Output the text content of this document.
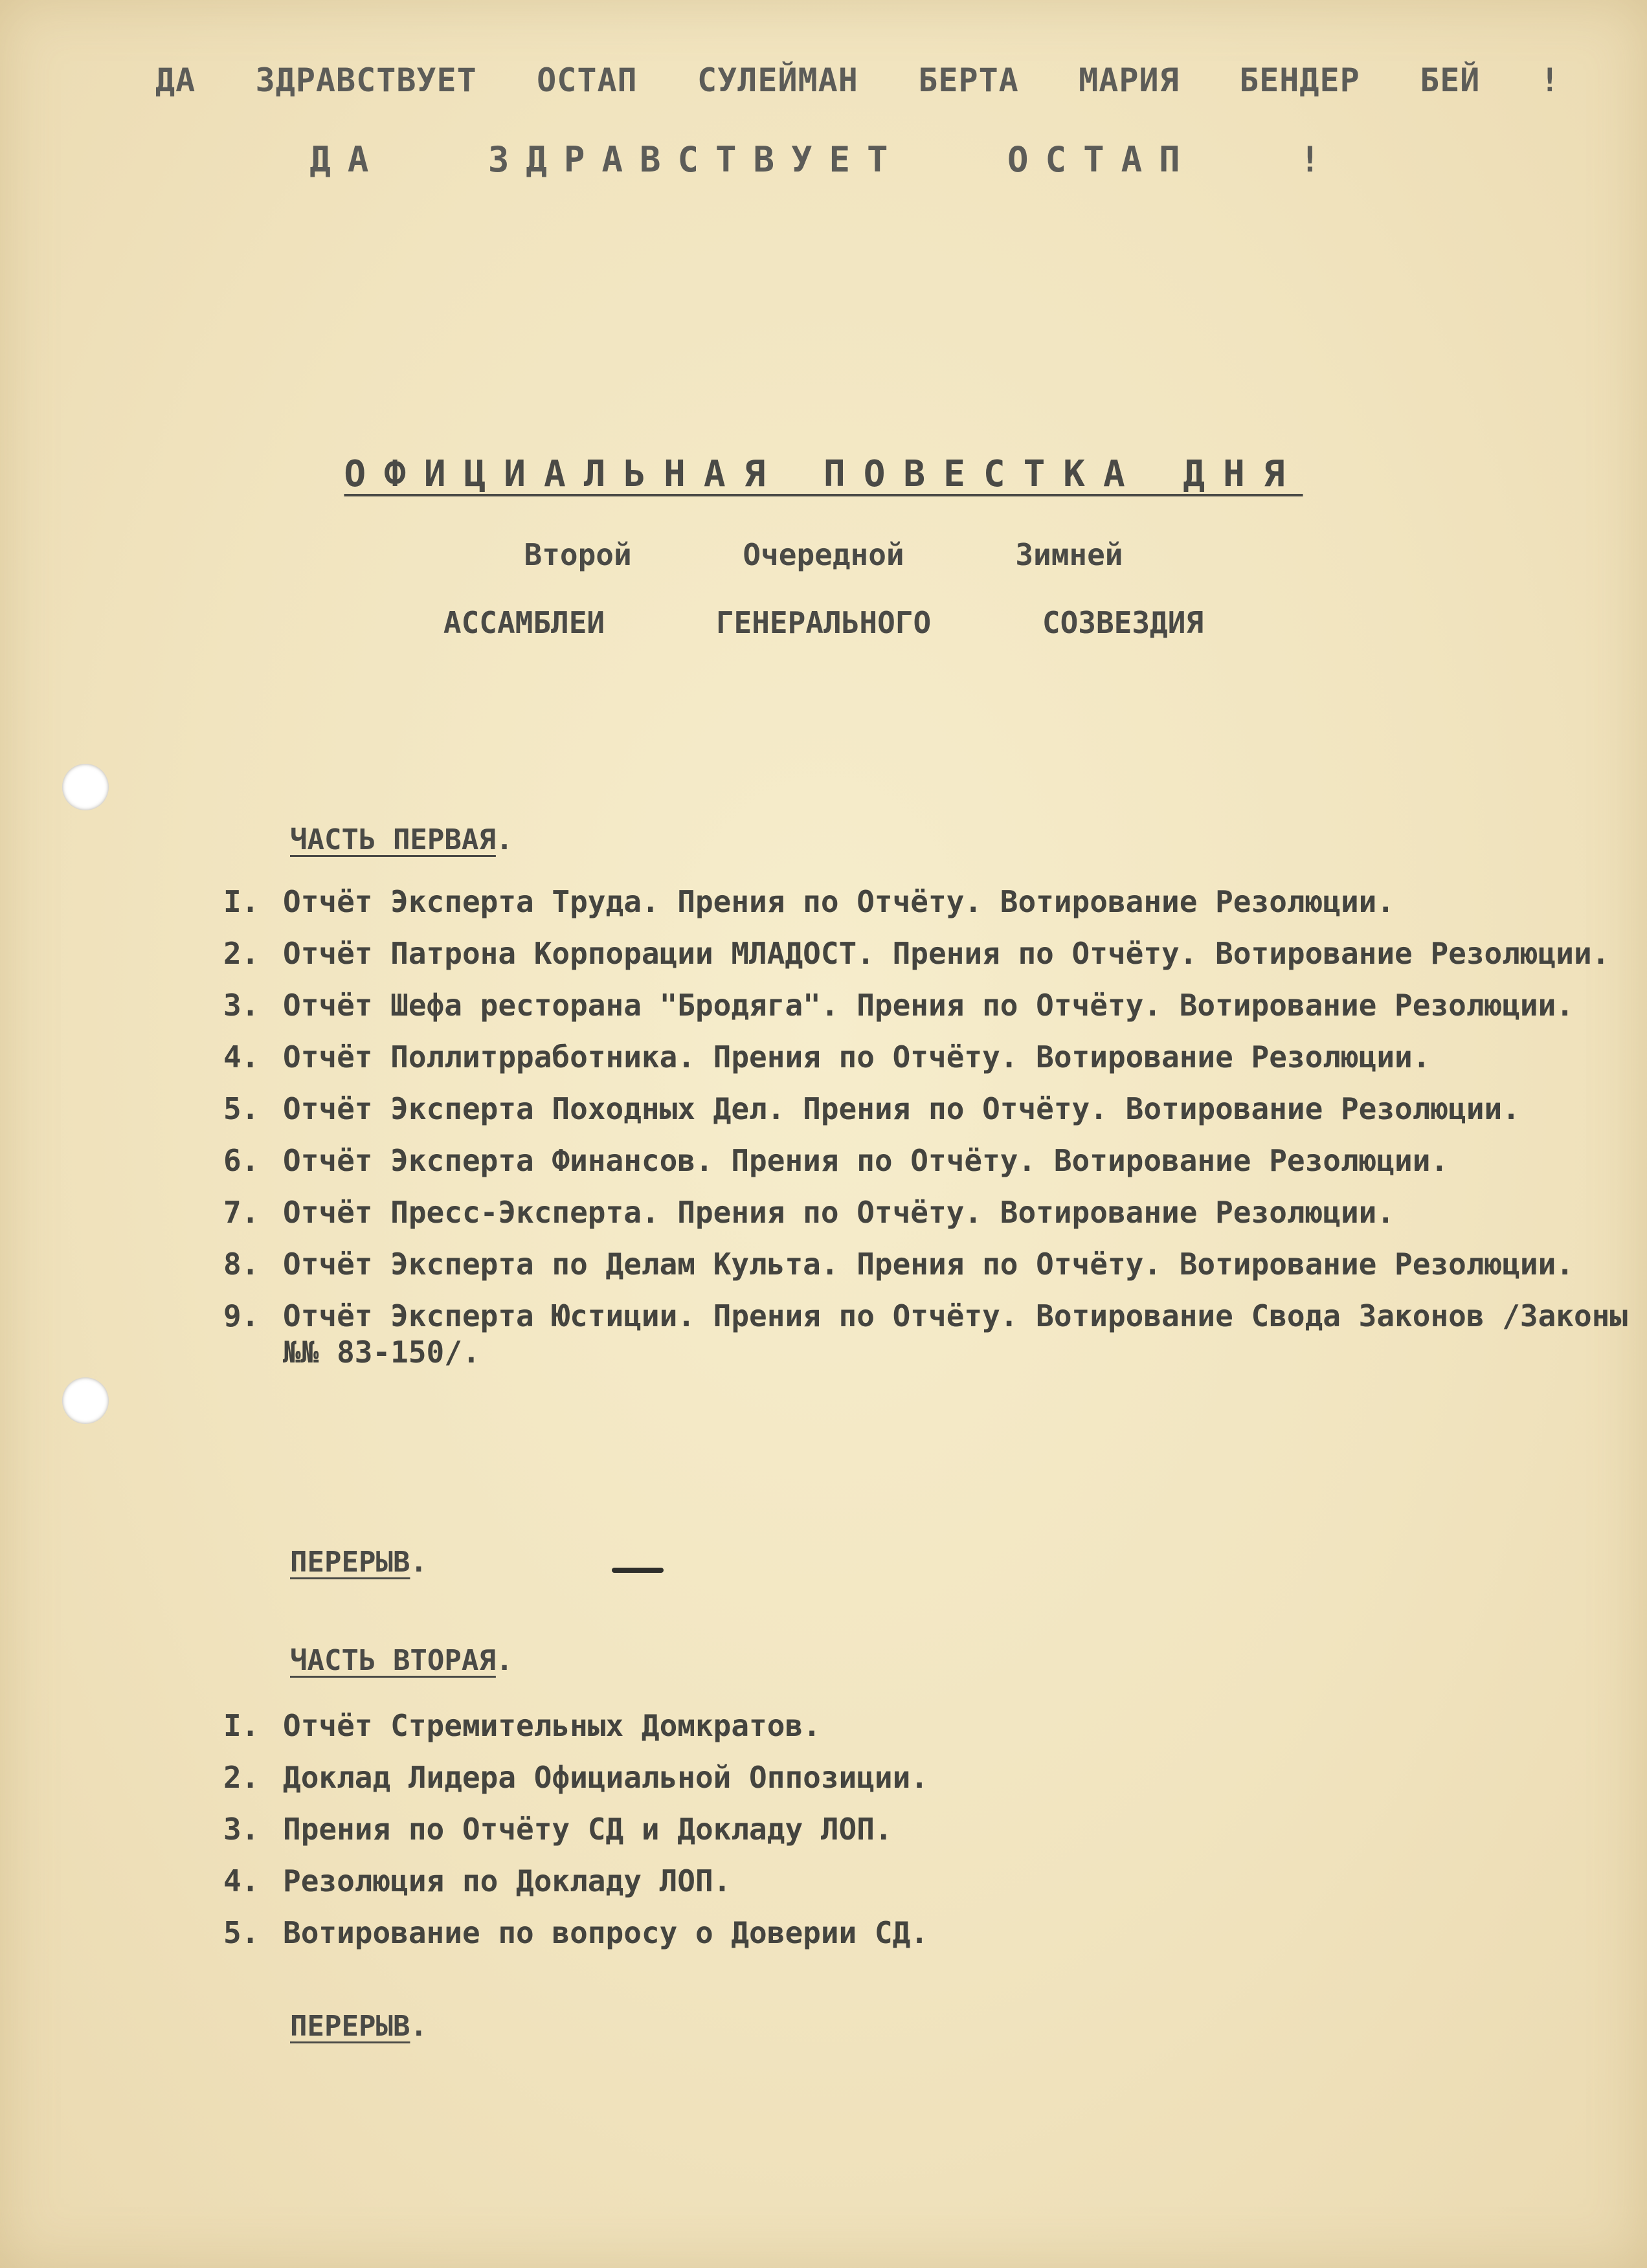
ДА ЗДРАВСТВУЕТ ОСТАП СУЛЕЙМАН БЕРТА МАРИЯ БЕНДЕР БЕЙ !
ДА	ЗДРАВСТВУЕТ	ОСТАП	!
ОФИЦИАЛЬНАЯ ПОВЕСТКА ДНЯ
Второй	Очередной	Зимней
АССАМБЛЕИ	ГЕНЕРАЛЬНОГО	СОЗВЕЗДИЯ
ЧАСТЬ ПЕРВАЯ.
I. Отчёт Эксперта Труда. Прения по Отчёту. Вотирование Резолюции.
2. Отчёт Патрона Корпорации МЛАДОСТ. Прения по Отчёту. Вотирование Резолюции.
3. Отчёт Шефа ресторана "Бродяга". Прения по Отчёту. Вотирование Резолюции.
4. Отчёт Поллитрработника. Прения по Отчёту. Вотирование Резолюции.
5. Отчёт Эксперта Походных Дел. Прения по Отчёту. Вотирование Резолюции.
6. Отчёт Эксперта Финансов. Прения по Отчёту. Вотирование Резолюции.
7. Отчёт Пресс-Эксперта. Прения по Отчёту. Вотирование Резолюции.
8. Отчёт Эксперта по Делам Культа. Прения по Отчёту. Вотирование Резолюции.
9. Отчёт Эксперта Юстиции. Прения по Отчёту. Вотирование Свода Законов /Законы №№ 83-150/.
ПЕРЕРЫВ.
ЧАСТЬ ВТОРАЯ.
I. Отчёт Стремительных Домкратов.
2. Доклад Лидера Официальной Оппозиции.
3. Прения по Отчёту СД и Докладу ЛОП.
4. Резолюция по Докладу ЛОП.
5. Вотирование по вопросу о Доверии СД.
ПЕРЕРЫВ.
